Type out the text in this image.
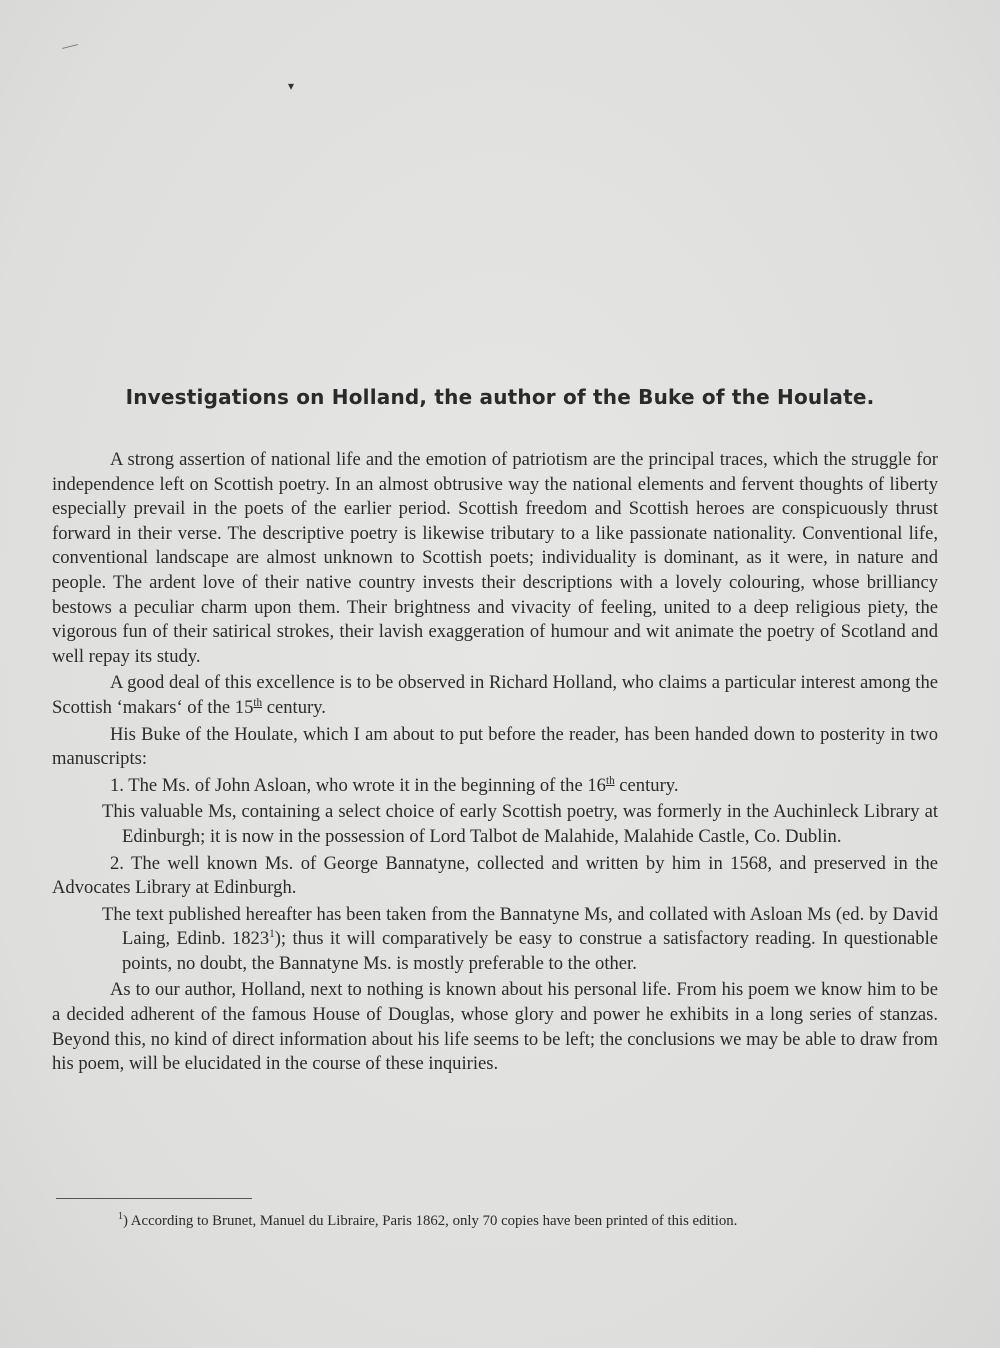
▾
Investigations on Holland, the author of the Buke of the Houlate.

A strong assertion of national life and the emotion of patriotism are the principal traces, which the struggle for independence left on Scottish poetry. In an almost obtrusive way the national elements and fervent thoughts of liberty especially prevail in the poets of the earlier period. Scottish freedom and Scottish heroes are conspicuously thrust forward in their verse. The descriptive poetry is likewise tributary to a like passionate nationality. Conventional life, conventional landscape are almost unknown to Scottish poets; individuality is dominant, as it were, in nature and people. The ardent love of their native country invests their descriptions with a lovely colouring, whose brilliancy bestows a peculiar charm upon them. Their brightness and vivacity of feeling, united to a deep religious piety, the vigorous fun of their satirical strokes, their lavish exaggeration of humour and wit animate the poetry of Scotland and well repay its study.

A good deal of this excellence is to be observed in Richard Holland, who claims a particular interest among the Scottish ‘makars‘ of the 15th century.

His Buke of the Houlate, which I am about to put before the reader, has been handed down to posterity in two manuscripts:

1. The Ms. of John Asloan, who wrote it in the beginning of the 16th century.

This valuable Ms, containing a select choice of early Scottish poetry, was formerly in the Auchinleck Library at Edinburgh; it is now in the possession of Lord Talbot de Malahide, Malahide Castle, Co. Dublin.

2. The well known Ms. of George Bannatyne, collected and written by him in 1568, and preserved in the Advocates Library at Edinburgh.

The text published hereafter has been taken from the Bannatyne Ms, and collated with Asloan Ms (ed. by David Laing, Edinb. 1823$^1$); thus it will comparatively be easy to construe a satisfactory reading. In questionable points, no doubt, the Bannatyne Ms. is mostly preferable to the other.

As to our author, Holland, next to nothing is known about his personal life. From his poem we know him to be a decided adherent of the famous House of Douglas, whose glory and power he exhibits in a long series of stanzas. Beyond this, no kind of direct information about his life seems to be left; the conclusions we may be able to draw from his poem, will be elucidated in the course of these inquiries.

$^1$) According to Brunet, Manuel du Libraire, Paris 1862, only 70 copies have been printed of this edition.
